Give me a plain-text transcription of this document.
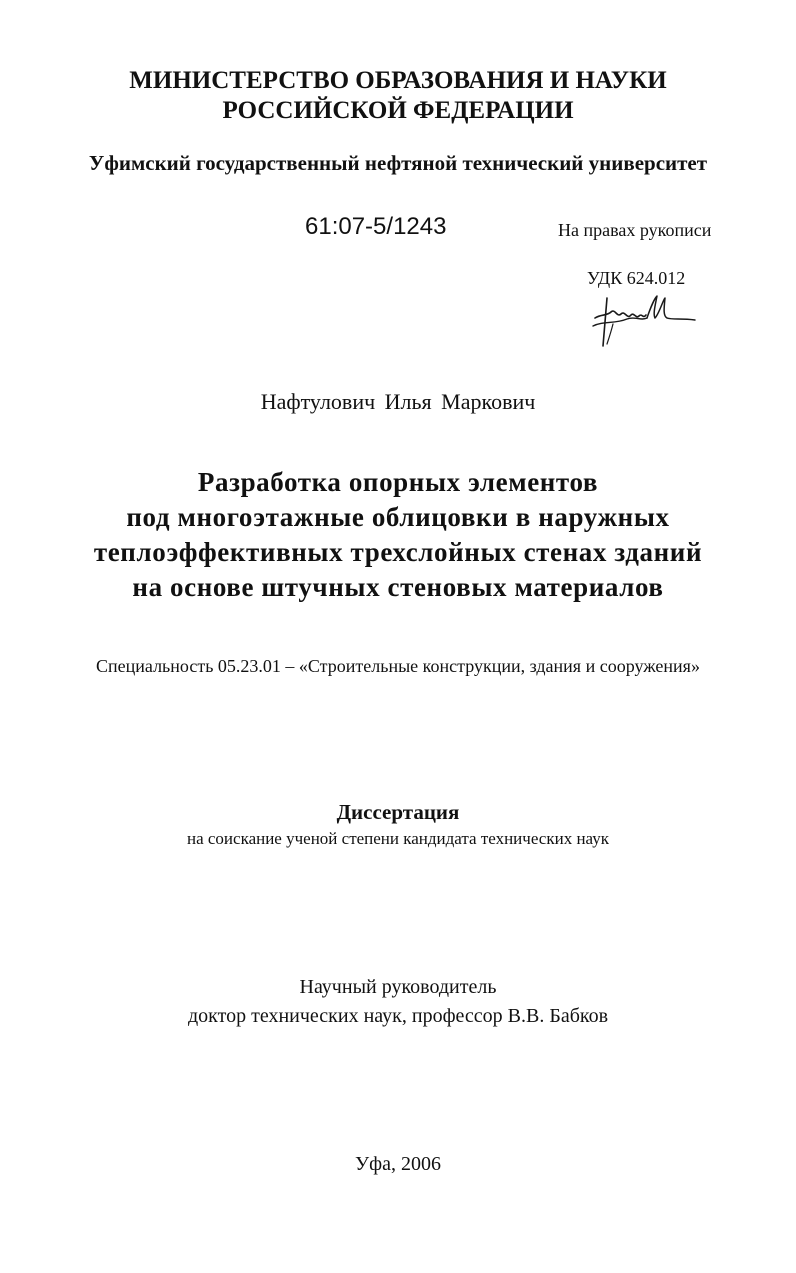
МИНИСТЕРСТВО ОБРАЗОВАНИЯ И НАУКИ
РОССИЙСКОЙ ФЕДЕРАЦИИ
Уфимский государственный нефтяной технический университет
61:07-5/1243	На правах рукописи
УДК 624.012
Нафтулович Илья Маркович
Разработка опорных элементов
под многоэтажные облицовки в наружных
теплоэффективных трехслойных стенах зданий
на основе штучных стеновых материалов
Специальность 05.23.01 – «Строительные конструкции, здания и сооружения»
Диссертация
на соискание ученой степени кандидата технических наук
Научный руководитель
доктор технических наук, профессор В.В. Бабков
Уфа, 2006
